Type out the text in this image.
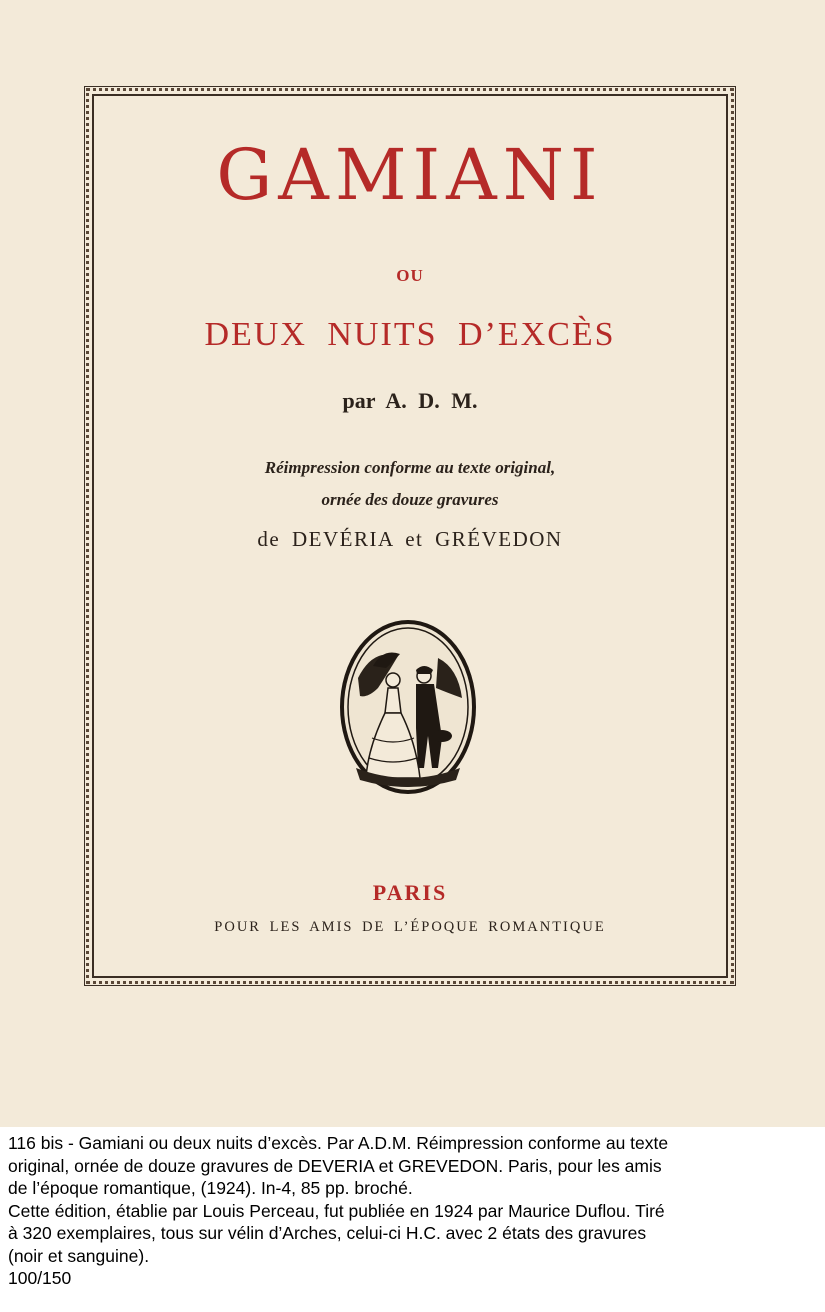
GAMIANI
OU
DEUX NUITS D’EXCÈS
par A. D. M.
Réimpression conforme au texte original,
ornée des douze gravures
de DEVÉRIA et GRÉVEDON
PARIS
POUR LES AMIS DE L’ÉPOQUE ROMANTIQUE
116 bis - Gamiani ou deux nuits d’excès. Par A.D.M. Réimpression conforme au texte
original, ornée de douze gravures de DEVERIA et GREVEDON. Paris, pour les amis
de l’époque romantique, (1924). In-4, 85 pp. broché.
Cette édition, établie par Louis Perceau, fut publiée en 1924 par Maurice Duflou. Tiré
à 320 exemplaires, tous sur vélin d’Arches, celui-ci H.C. avec 2 états des gravures
(noir et sanguine).
100/150
